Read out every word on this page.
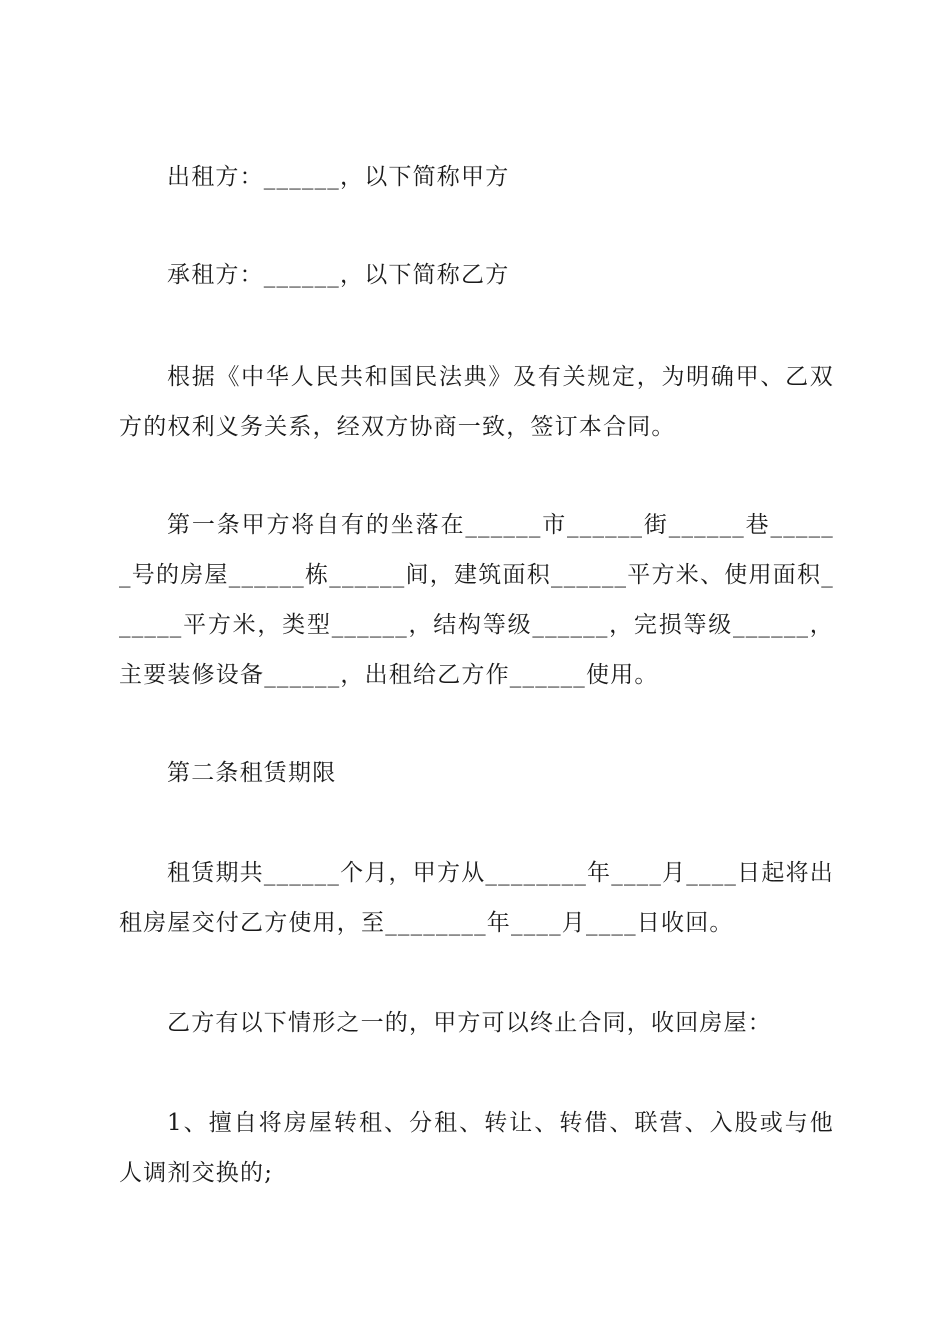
出租方：______，以下简称甲方

承租方：______，以下简称乙方

根据《中华人民共和国民法典》及有关规定，为明确甲、乙双方的权利义务关系，经双方协商一致，签订本合同。

第一条甲方将自有的坐落在______市______街______巷______号的房屋______栋______间，建筑面积______平方米、使用面积______平方米，类型______，结构等级______，完损等级______，主要装修设备______，出租给乙方作______使用。

第二条租赁期限

租赁期共______个月，甲方从________年____月____日起将出租房屋交付乙方使用，至________年____月____日收回。

乙方有以下情形之一的，甲方可以终止合同，收回房屋：

1、擅自将房屋转租、分租、转让、转借、联营、入股或与他人调剂交换的;
